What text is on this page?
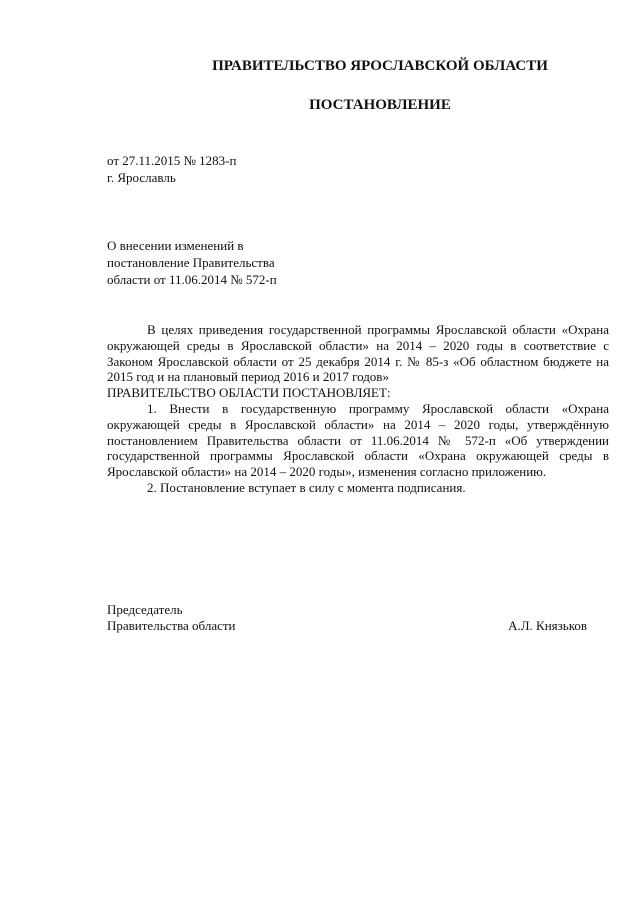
ПРАВИТЕЛЬСТВО ЯРОСЛАВСКОЙ ОБЛАСТИ
ПОСТАНОВЛЕНИЕ
от 27.11.2015 № 1283-п
г. Ярославль
О внесении изменений в
постановление Правительства
области от 11.06.2014 № 572-п

В целях приведения государственной программы Ярославской области «Охрана окружающей среды в Ярославской области» на 2014 – 2020 годы в соответствие с Законом Ярославской области от 25 декабря 2014 г. № 85-з «Об областном бюджете на 2015 год и на плановый период 2016 и 2017 годов»

ПРАВИТЕЛЬСТВО ОБЛАСТИ ПОСТАНОВЛЯЕТ:

1. Внести в государственную программу Ярославской области «Охрана окружающей среды в Ярославской области» на 2014 – 2020 годы, утверждённую постановлением Правительства области от 11.06.2014 № 572-п «Об утверждении государственной программы Ярославской области «Охрана окружающей среды в Ярославской области» на 2014 – 2020 годы», изменения согласно приложению.

2. Постановление вступает в силу с момента подписания.

Председатель
Правительства области	А.Л. Князьков
